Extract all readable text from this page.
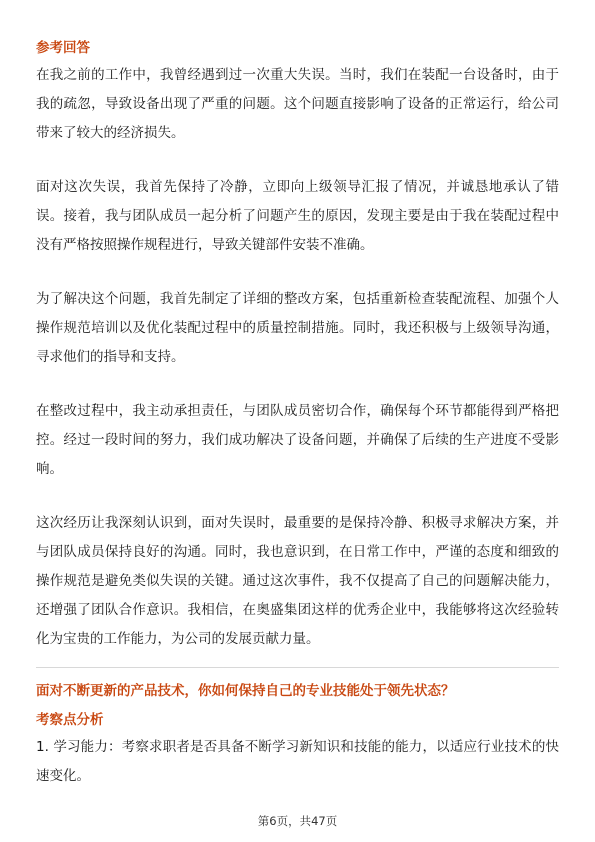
参考回答

在我之前的工作中，我曾经遇到过一次重大失误。当时，我们在装配一台设备时，由于我的疏忽，导致设备出现了严重的问题。这个问题直接影响了设备的正常运行，给公司带来了较大的经济损失。

面对这次失误，我首先保持了冷静，立即向上级领导汇报了情况，并诚恳地承认了错误。接着，我与团队成员一起分析了问题产生的原因，发现主要是由于我在装配过程中没有严格按照操作规程进行，导致关键部件安装不准确。

为了解决这个问题，我首先制定了详细的整改方案，包括重新检查装配流程、加强个人操作规范培训以及优化装配过程中的质量控制措施。同时，我还积极与上级领导沟通，寻求他们的指导和支持。

在整改过程中，我主动承担责任，与团队成员密切合作，确保每个环节都能得到严格把控。经过一段时间的努力，我们成功解决了设备问题，并确保了后续的生产进度不受影响。

这次经历让我深刻认识到，面对失误时，最重要的是保持冷静、积极寻求解决方案，并与团队成员保持良好的沟通。同时，我也意识到，在日常工作中，严谨的态度和细致的操作规范是避免类似失误的关键。通过这次事件，我不仅提高了自己的问题解决能力，还增强了团队合作意识。我相信，在奥盛集团这样的优秀企业中，我能够将这次经验转化为宝贵的工作能力，为公司的发展贡献力量。

面对不断更新的产品技术，你如何保持自己的专业技能处于领先状态？
考察点分析

1. 学习能力：考察求职者是否具备不断学习新知识和技能的能力，以适应行业技术的快速变化。

第6页，共47页
